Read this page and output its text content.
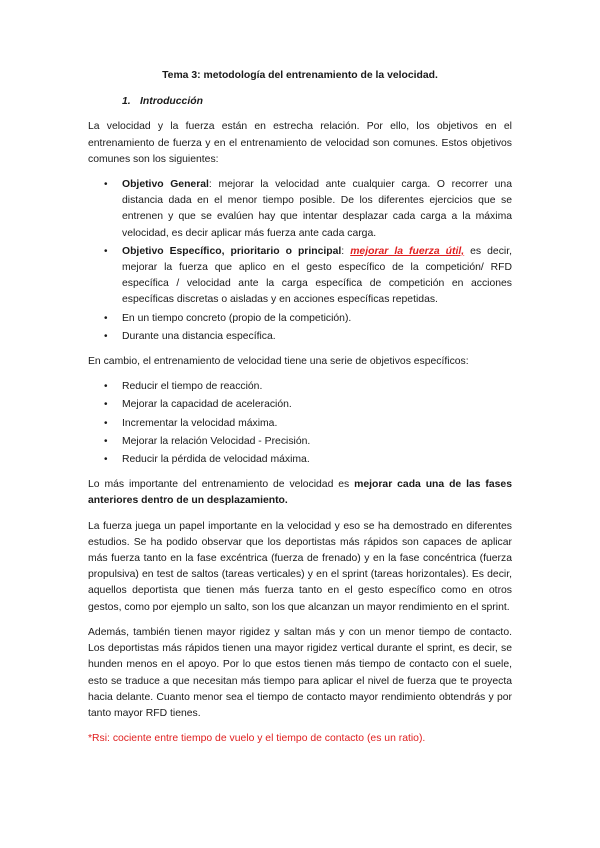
Tema 3: metodología del entrenamiento de la velocidad.
1. Introducción

La velocidad y la fuerza están en estrecha relación. Por ello, los objetivos en el entrenamiento de fuerza y en el entrenamiento de velocidad son comunes. Estos objetivos comunes son los siguientes:

• Objetivo General: mejorar la velocidad ante cualquier carga. O recorrer una distancia dada en el menor tiempo posible. De los diferentes ejercicios que se entrenen y que se evalúen hay que intentar desplazar cada carga a la máxima velocidad, es decir aplicar más fuerza ante cada carga.
• Objetivo Específico, prioritario o principal: mejorar la fuerza útil, es decir, mejorar la fuerza que aplico en el gesto específico de la competición/ RFD específica / velocidad ante la carga específica de competición en acciones específicas discretas o aisladas y en acciones específicas repetidas.
• En un tiempo concreto (propio de la competición).
• Durante una distancia específica.

En cambio, el entrenamiento de velocidad tiene una serie de objetivos específicos:

• Reducir el tiempo de reacción.
• Mejorar la capacidad de aceleración.
• Incrementar la velocidad máxima.
• Mejorar la relación Velocidad - Precisión.
• Reducir la pérdida de velocidad máxima.

Lo más importante del entrenamiento de velocidad es mejorar cada una de las fases anteriores dentro de un desplazamiento.

La fuerza juega un papel importante en la velocidad y eso se ha demostrado en diferentes estudios. Se ha podido observar que los deportistas más rápidos son capaces de aplicar más fuerza tanto en la fase excéntrica (fuerza de frenado) y en la fase concéntrica (fuerza propulsiva) en test de saltos (tareas verticales) y en el sprint (tareas horizontales). Es decir, aquellos deportista que tienen más fuerza tanto en el gesto específico como en otros gestos, como por ejemplo un salto, son los que alcanzan un mayor rendimiento en el sprint.

Además, también tienen mayor rigidez y saltan más y con un menor tiempo de contacto. Los deportistas más rápidos tienen una mayor rigidez vertical durante el sprint, es decir, se hunden menos en el apoyo. Por lo que estos tienen más tiempo de contacto con el suele, esto se traduce a que necesitan más tiempo para aplicar el nivel de fuerza que te proyecta hacia delante. Cuanto menor sea el tiempo de contacto mayor rendimiento obtendrás y por tanto mayor RFD tienes.

*Rsi: cociente entre tiempo de vuelo y el tiempo de contacto (es un ratio).
